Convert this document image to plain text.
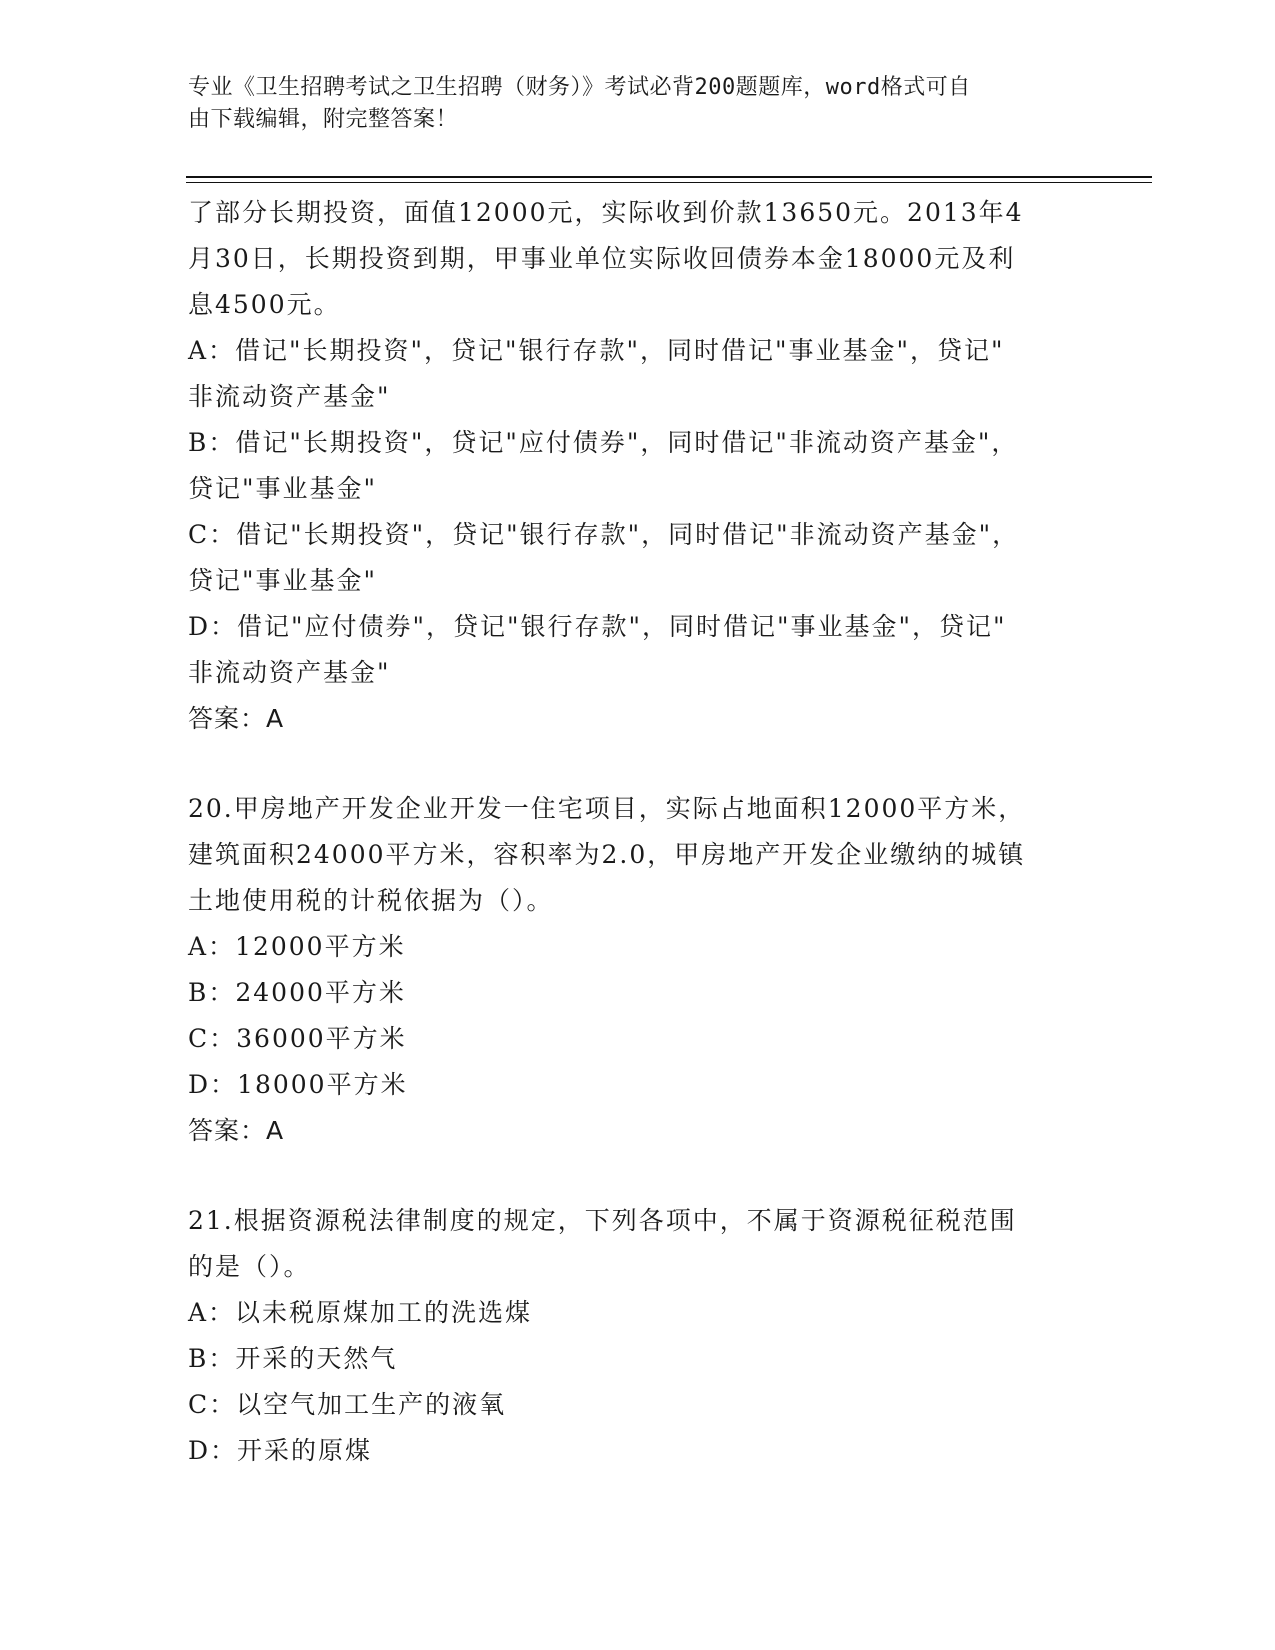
专业《卫生招聘考试之卫生招聘（财务）》考试必背200题题库，word格式可自
由下载编辑，附完整答案！
了部分长期投资，面值12000元，实际收到价款13650元。2013年4
月30日，长期投资到期，甲事业单位实际收回债券本金18000元及利
息4500元。
A：借记"长期投资"，贷记"银行存款"，同时借记"事业基金"，贷记"
非流动资产基金"
B：借记"长期投资"，贷记"应付债券"，同时借记"非流动资产基金"，
贷记"事业基金"
C：借记"长期投资"，贷记"银行存款"，同时借记"非流动资产基金"，
贷记"事业基金"
D：借记"应付债券"，贷记"银行存款"，同时借记"事业基金"，贷记"
非流动资产基金"
答案：A
20.甲房地产开发企业开发一住宅项目，实际占地面积12000平方米，
建筑面积24000平方米，容积率为2.0，甲房地产开发企业缴纳的城镇
土地使用税的计税依据为（）。
A：12000平方米
B：24000平方米
C：36000平方米
D：18000平方米
答案：A
21.根据资源税法律制度的规定，下列各项中，不属于资源税征税范围
的是（）。
A：以未税原煤加工的洗选煤
B：开采的天然气
C：以空气加工生产的液氧
D：开采的原煤
